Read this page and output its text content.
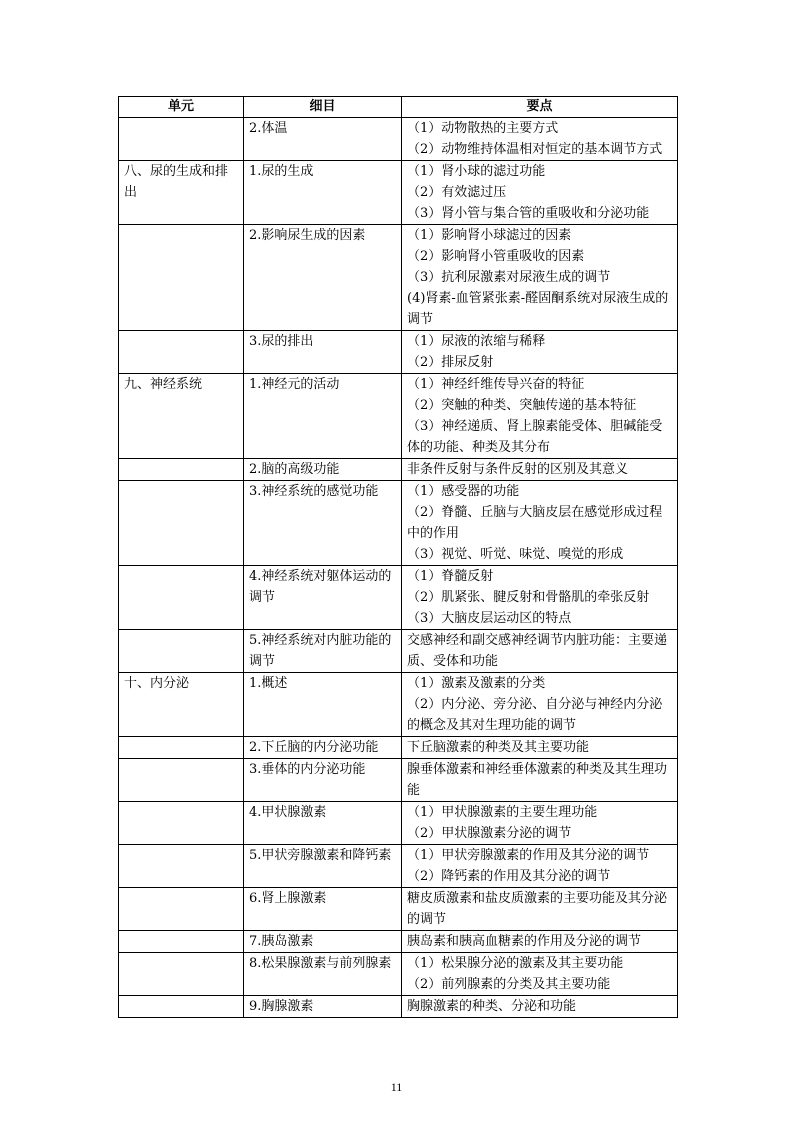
单元	细目	要点
	2.体温	（1）动物散热的主要方式
（2）动物维持体温相对恒定的基本调节方式

八、尿的生成和排出	1.尿的生成	（1）肾小球的滤过功能
（2）有效滤过压
（3）肾小管与集合管的重吸收和分泌功能

	2.影响尿生成的因素	（1）影响肾小球滤过的因素
（2）影响肾小管重吸收的因素
（3）抗利尿激素对尿液生成的调节
(4)肾素-血管紧张素-醛固酮系统对尿液生成的调节

	3.尿的排出	（1）尿液的浓缩与稀释
（2）排尿反射

九、神经系统	1.神经元的活动	（1）神经纤维传导兴奋的特征
（2）突触的种类、突触传递的基本特征
（3）神经递质、肾上腺素能受体、胆碱能受体的功能、种类及其分布

	2.脑的高级功能	非条件反射与条件反射的区别及其意义

	3.神经系统的感觉功能	（1）感受器的功能
（2）脊髓、丘脑与大脑皮层在感觉形成过程中的作用
（3）视觉、听觉、味觉、嗅觉的形成

	4.神经系统对躯体运动的调节	（1）脊髓反射
（2）肌紧张、腱反射和骨骼肌的牵张反射
（3）大脑皮层运动区的特点

	5.神经系统对内脏功能的调节	交感神经和副交感神经调节内脏功能：主要递质、受体和功能

十、内分泌	1.概述	（1）激素及激素的分类
（2）内分泌、旁分泌、自分泌与神经内分泌的概念及其对生理功能的调节

	2.下丘脑的内分泌功能	下丘脑激素的种类及其主要功能

	3.垂体的内分泌功能	腺垂体激素和神经垂体激素的种类及其生理功能

	4.甲状腺激素	（1）甲状腺激素的主要生理功能
（2）甲状腺激素分泌的调节

	5.甲状旁腺激素和降钙素	（1）甲状旁腺激素的作用及其分泌的调节
（2）降钙素的作用及其分泌的调节

	6.肾上腺激素	糖皮质激素和盐皮质激素的主要功能及其分泌的调节

	7.胰岛激素	胰岛素和胰高血糖素的作用及分泌的调节

	8.松果腺激素与前列腺素	（1）松果腺分泌的激素及其主要功能
（2）前列腺素的分类及其主要功能

	9.胸腺激素	胸腺激素的种类、分泌和功能
11
